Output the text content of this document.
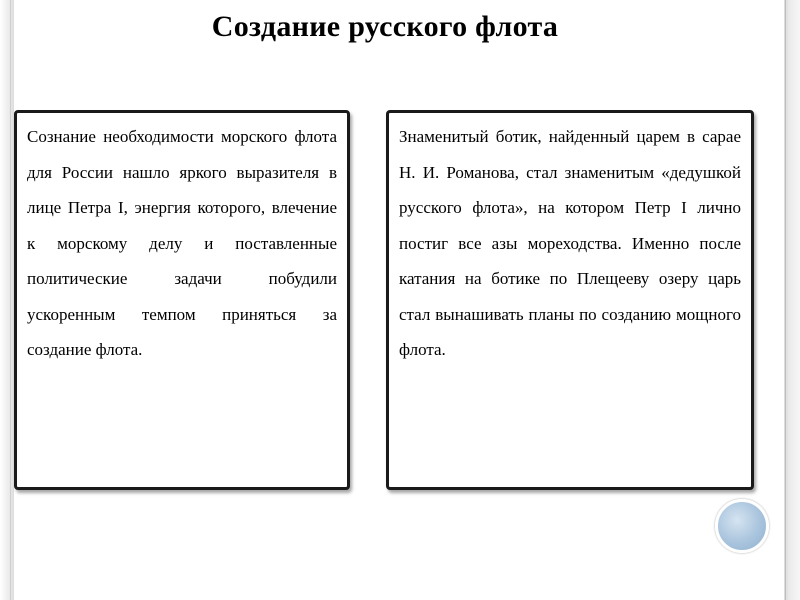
Создание русского флота
Сознание необходимости морского флота для России нашло яркого выразителя в лице Петра I, энергия которого, влечение к морскому делу и поставленные политические задачи побудили ускоренным темпом приняться за создание флота.
Знаменитый ботик, найденный царем в сарае Н. И. Романова, стал знаменитым «дедушкой русского флота», на котором Петр I лично постиг все азы мореходства. Именно после катания на ботике по Плещееву озеру царь стал вынашивать планы по созданию мощного флота.
